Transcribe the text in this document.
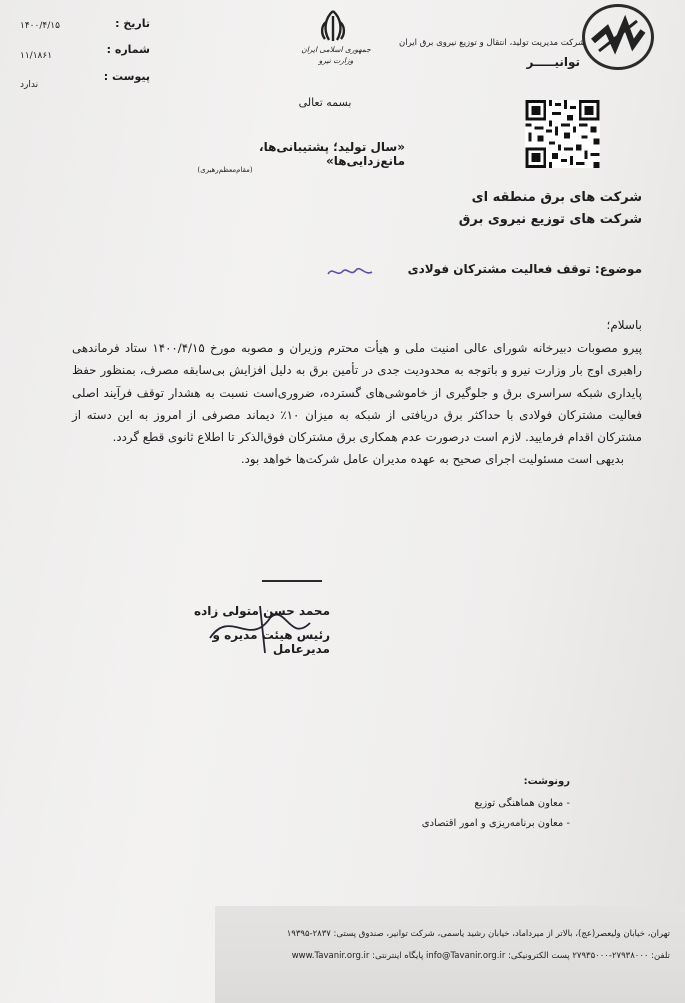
شرکت مدیریت تولید، انتقال و توزیع نیروی برق ایران
توانیـــــر
جمهوری اسلامی ایران
وزارت نیرو
تاریخ :
۱۴۰۰/۴/۱۵
شماره :
۱۱/۱۸۶۱
پیوست :
ندارد
بسمه تعالی
«سال تولید؛ پشتیبانی‌ها، مانع‌زدایی‌ها»
(مقام‌معظم‌رهبری)
شرکت های برق منطقه ای
شرکت های توزیع نیروی برق
موضوع: توقف فعالیت مشترکان فولادی
باسلام؛

پیرو مصوبات دبیرخانه شورای عالی امنیت ملی و هیأت محترم وزیران و مصوبه مورخ ۱۴۰۰/۴/۱۵ ستاد فرماندهی راهبری اوج بار وزارت نیرو و باتوجه به محدودیت جدی در تأمین برق به دلیل افزایش بی‌سابقه مصرف، بمنظور حفظ پایداری شبکه سراسری برق و جلوگیری از خاموشی‌های گسترده، ضروری‌است نسبت به هشدار توقف فرآیند اصلی فعالیت مشترکان فولادی با حداکثر برق دریافتی از شبکه به میزان ۱۰٪ دیماند مصرفی از امروز به این دسته از مشترکان اقدام فرمایید. لازم است درصورت عدم همکاری برق مشترکان فوق‌الذکر تا اطلاع ثانوی قطع گردد.

بدیهی است مسئولیت اجرای صحیح به عهده مدیران عامل شرکت‌ها خواهد بود.

محمد حسن متولی زاده
رئیس هیئت مدیره و مدیرعامل
رونوشت:
- معاون هماهنگی توزیع
- معاون برنامه‌ریزی و امور اقتصادی
تهران، خیابان ولیعصر(عج)، بالاتر از میرداماد، خیابان رشید یاسمی، شرکت توانیر، صندوق پستی: ۲۸۳۷-۱۹۳۹۵
تلفن: ۲۷۹۳۸۰۰۰-۲۷۹۳۵۰۰۰ پست الکترونیکی: info@Tavanir.org.ir پایگاه اینترنتی: www.Tavanir.org.ir
